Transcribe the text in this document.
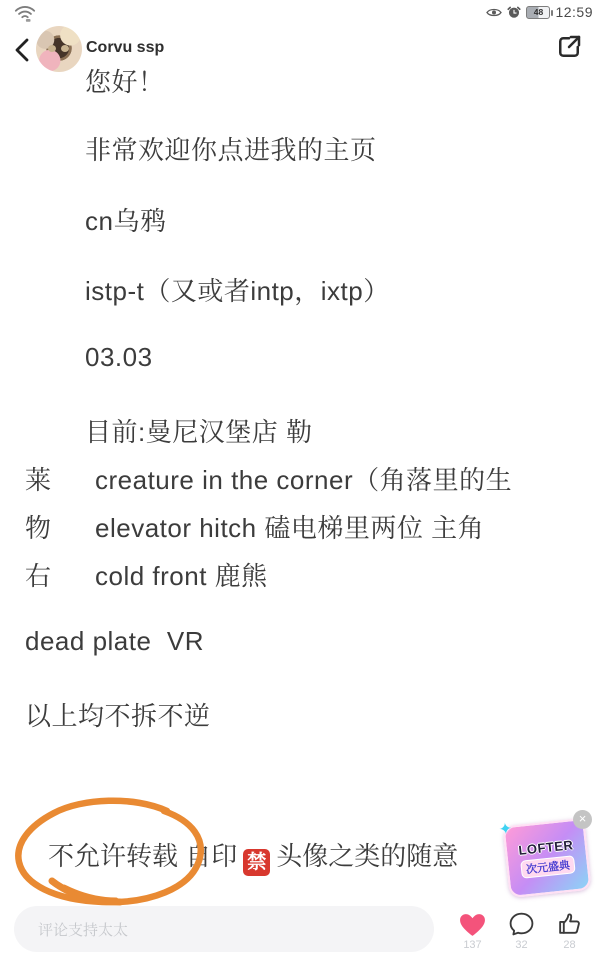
48 12:59
Corvu ssp
您好！
非常欢迎你点进我的主页
cn乌鸦
istp-t（又或者intp，ixtp）
03.03
目前:曼尼汉堡店 勒
莱 creature in the corner（角落里的生
物 elevator hitch 磕电梯里两位 主角
右 cold front 鹿熊
dead plate  VR
以上均不拆不逆
不允许转载 自印 禁 头像之类的随意
×
✦
LOFTER
次元盛典
评论支持太太
137	32	28
